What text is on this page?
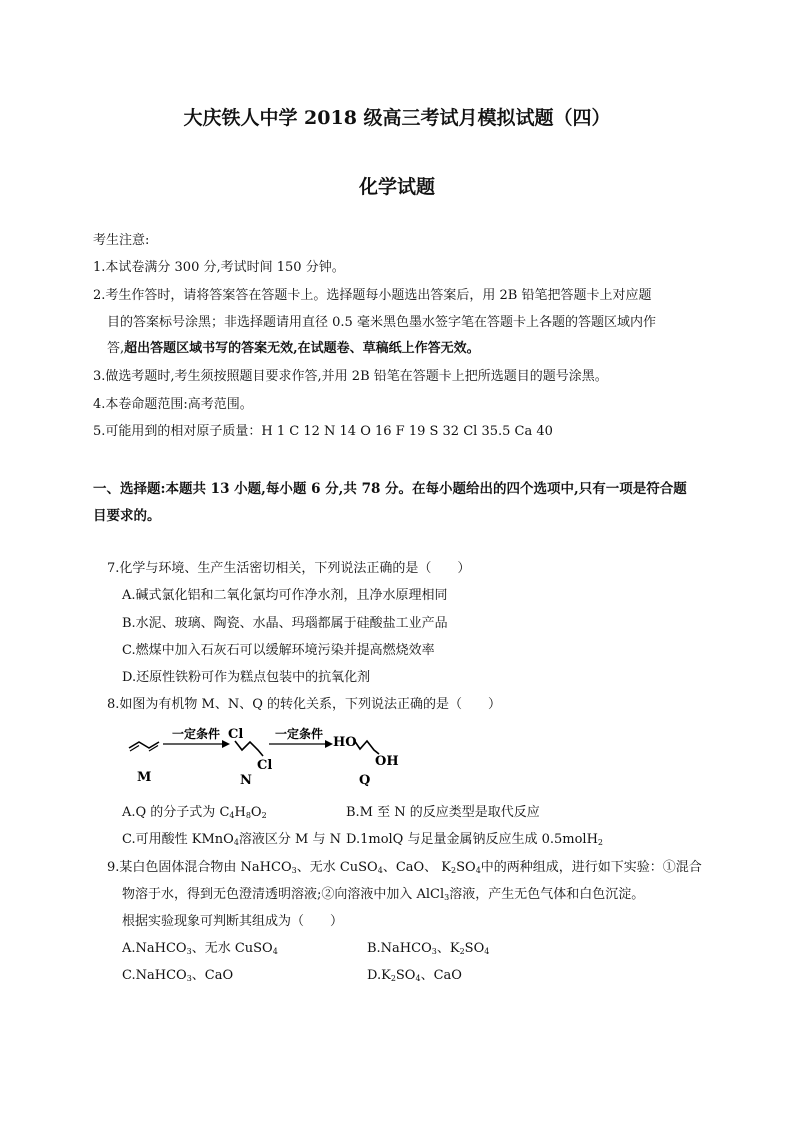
大庆铁人中学 2018 级高三考试月模拟试题（四）
化学试题
考生注意:
1.本试卷满分 300 分,考试时间 150 分钟。
2.考生作答时，请将答案答在答题卡上。选择题每小题选出答案后，用 2B 铅笔把答题卡上对应题
目的答案标号涂黑；非选择题请用直径 0.5 毫米黑色墨水签字笔在答题卡上各题的答题区域内作
答,超出答题区域书写的答案无效,在试题卷、草稿纸上作答无效。
3.做选考题时,考生须按照题目要求作答,并用 2B 铅笔在答题卡上把所选题目的题号涂黑。
4.本卷命题范围:高考范围。
5.可能用到的相对原子质量：H 1 C 12 N 14 O 16 F 19 S 32 Cl 35.5 Ca 40
一、选择题:本题共 13 小题,每小题 6 分,共 78 分。在每小题给出的四个选项中,只有一项是符合题
目要求的。
7.化学与环境、生产生活密切相关，下列说法正确的是（　　）
A.碱式氯化铝和二氧化氯均可作净水剂，且净水原理相同
B.水泥、玻璃、陶瓷、水晶、玛瑙都属于硅酸盐工业产品
C.燃煤中加入石灰石可以缓解环境污染并提高燃烧效率
D.还原性铁粉可作为糕点包装中的抗氧化剂
8.如图为有机物 M、N、Q 的转化关系，下列说法正确的是（　　）
M
一定条件 Cl
Cl
N
一定条件
HO
OH
Q
A.Q 的分子式为 $C_4H_8O_2$	B.M 至 N 的反应类型是取代反应
C.可用酸性 KMnO$_4$溶液区分 M 与 N D.1molQ 与足量金属钠反应生成 0.5molH$_2$
9.某白色固体混合物由 NaHCO$_3$、无水 CuSO$_4$、CaO、 $K_2SO_4$中的两种组成，进行如下实验：①混合
物溶于水，得到无色澄清透明溶液;②向溶液中加入 AlCl$_3$溶液，产生无色气体和白色沉淀。
根据实验现象可判断其组成为（　　）
A.NaHCO$_3$、无水 CuSO$_4$	B.NaHCO$_3$、$K_2SO_4$
C.NaHCO$_3$、CaO	$D.K_2SO_4$、CaO
